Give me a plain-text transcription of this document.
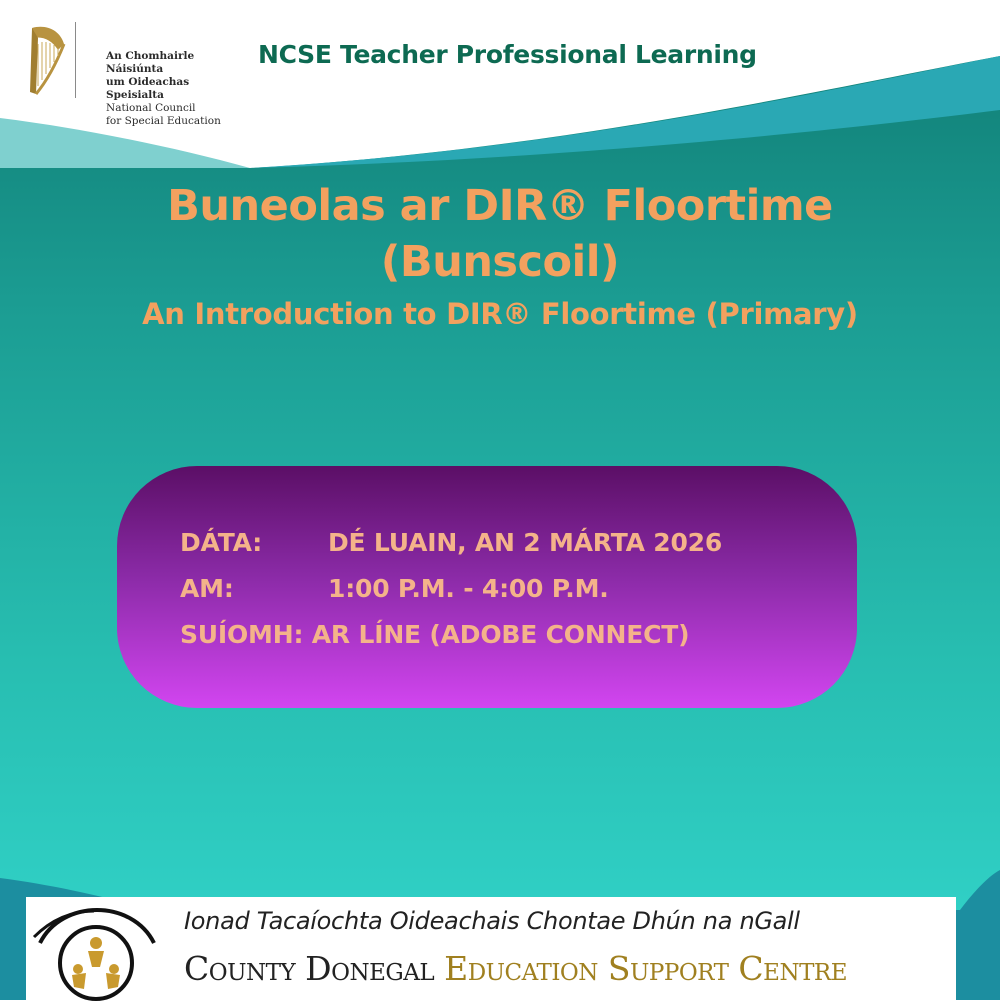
An Chomhairle Náisiúnta
um Oideachas Speisialta
National Council
for Special Education
NCSE Teacher Professional Learning
Buneolas ar DIR® Floortime
(Bunscoil)
An Introduction to DIR® Floortime (Primary)
DÁTA:	DÉ LUAIN, AN 2 MÁRTA 2026
AM:	1:00 P.M. - 4:00 P.M.
SUÍOMH: AR LÍNE (ADOBE CONNECT)
Ionad Tacaíochta Oideachais Chontae Dhún na nGall
County Donegal Education Support Centre
